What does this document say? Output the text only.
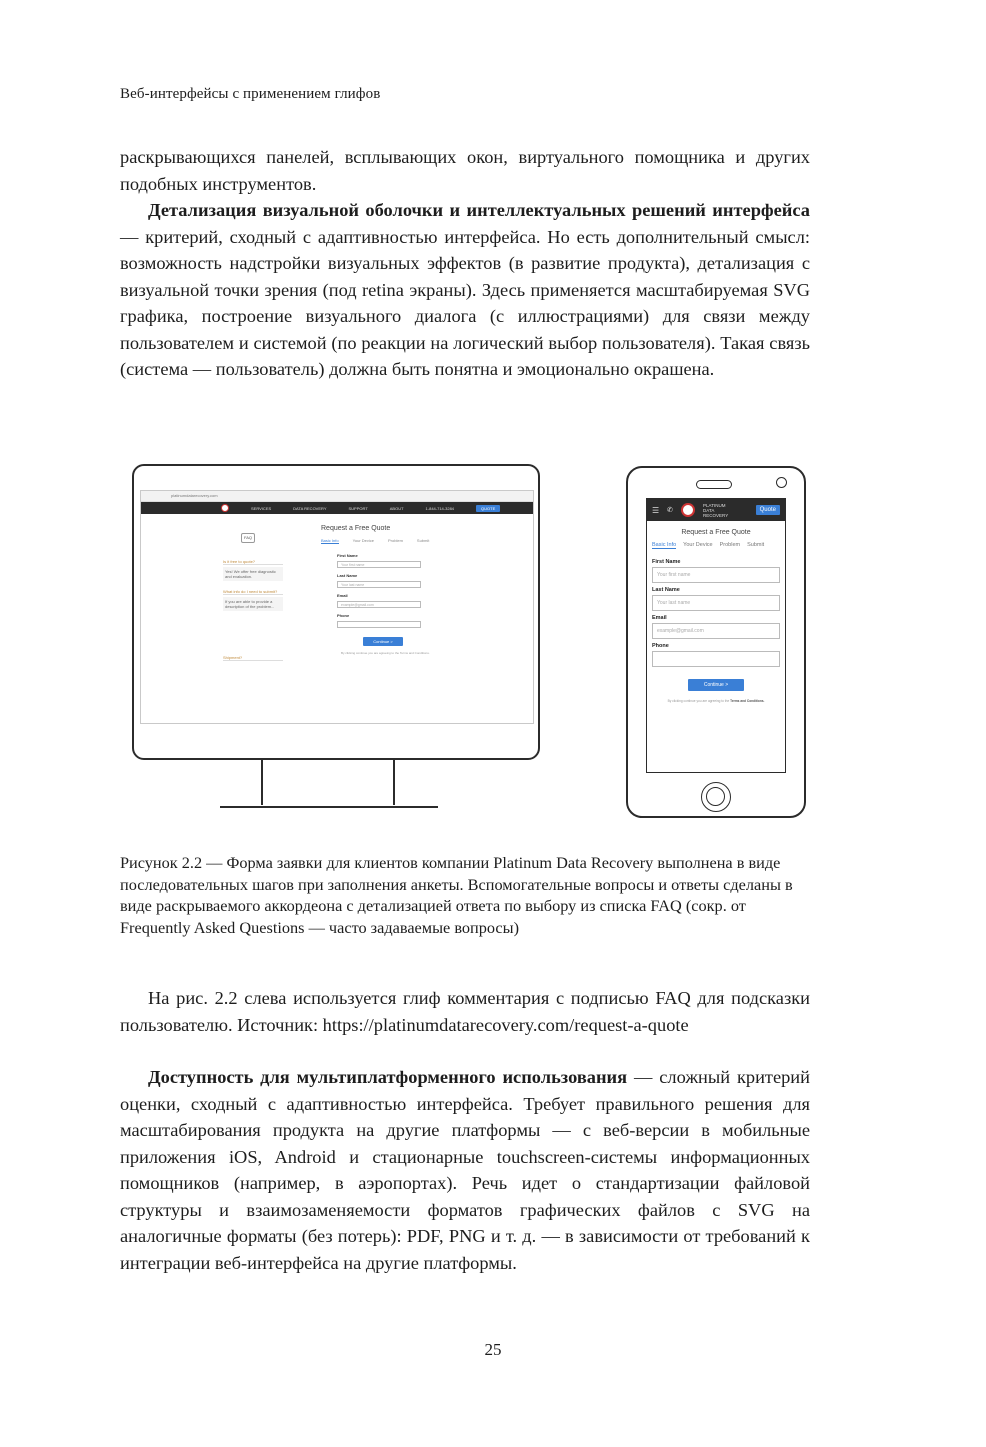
Веб-интерфейсы с применением глифов

раскрывающихся панелей, всплывающих окон, виртуального помощника и других подобных инструментов.

Детализация визуальной оболочки и интеллектуальных решений интерфейса — критерий, сходный с адаптивностью интерфейса. Но есть дополнительный смысл: возможность надстройки визуальных эффектов (в развитие продукта), детализация с визуальной точки зрения (под retina экраны). Здесь применяется масштабируемая SVG графика, построение визуального диалога (с иллюстрациями) для связи между пользователем и системой (по реакции на логический выбор пользователя). Такая связь (система — пользователь) должна быть понятна и эмоционально окрашена.

platinumdatarecovery.com
SERVICES	DATA RECOVERY	SUPPORT	ABOUT	1-844-714-3284	QUOTE
Request a Free Quote
Basic Info	Your Device	Problem	Submit
FAQ
Is it free to quote?
Yes! We offer free diagnostic and evaluation.
What info do I need to submit?
If you are able to provide a description of the problem...
Shipment?
First Name
Your first name
Last Name
Your last name
Email
example@gmail.com
Phone
Continue >
By clicking continue you are agreeing to the Terms and Conditions.
☰ ✆
PLATINUM DATA RECOVERY
Quote
Request a Free Quote
Basic Info Your Device Problem Submit
First Name
Your first name
Last Name
Your last name
Email
example@gmail.com
Phone
Continue >
By clicking continue you are agreeing to the Terms and Conditions.

Рисунок 2.2 — Форма заявки для клиентов компании Platinum Data Recovery выполнена в виде последовательных шагов при заполнения анкеты. Вспомогательные вопросы и ответы сделаны в виде раскрываемого аккордеона с детализацией ответа по выбору из списка FAQ (сокр. от Frequently Asked Questions — часто задаваемые вопросы)

На рис. 2.2 слева используется глиф комментария с подписью FAQ для подсказки пользователю. Источник: https://platinumdatarecovery.com/request-a-quote

Доступность для мультиплатформенного использования — сложный критерий оценки, сходный с адаптивностью интерфейса. Требует правильного решения для масштабирования продукта на другие платформы — с веб-версии в мобильные приложения iOS, Android и стационарные touchscreen-системы информационных помощников (например, в аэропортах). Речь идет о стандартизации файловой структуры и взаимозаменяемости форматов графических файлов с SVG на аналогичные форматы (без потерь): PDF, PNG и т. д. — в зависимости от требований к интеграции веб-интерфейса на другие платформы.

25
